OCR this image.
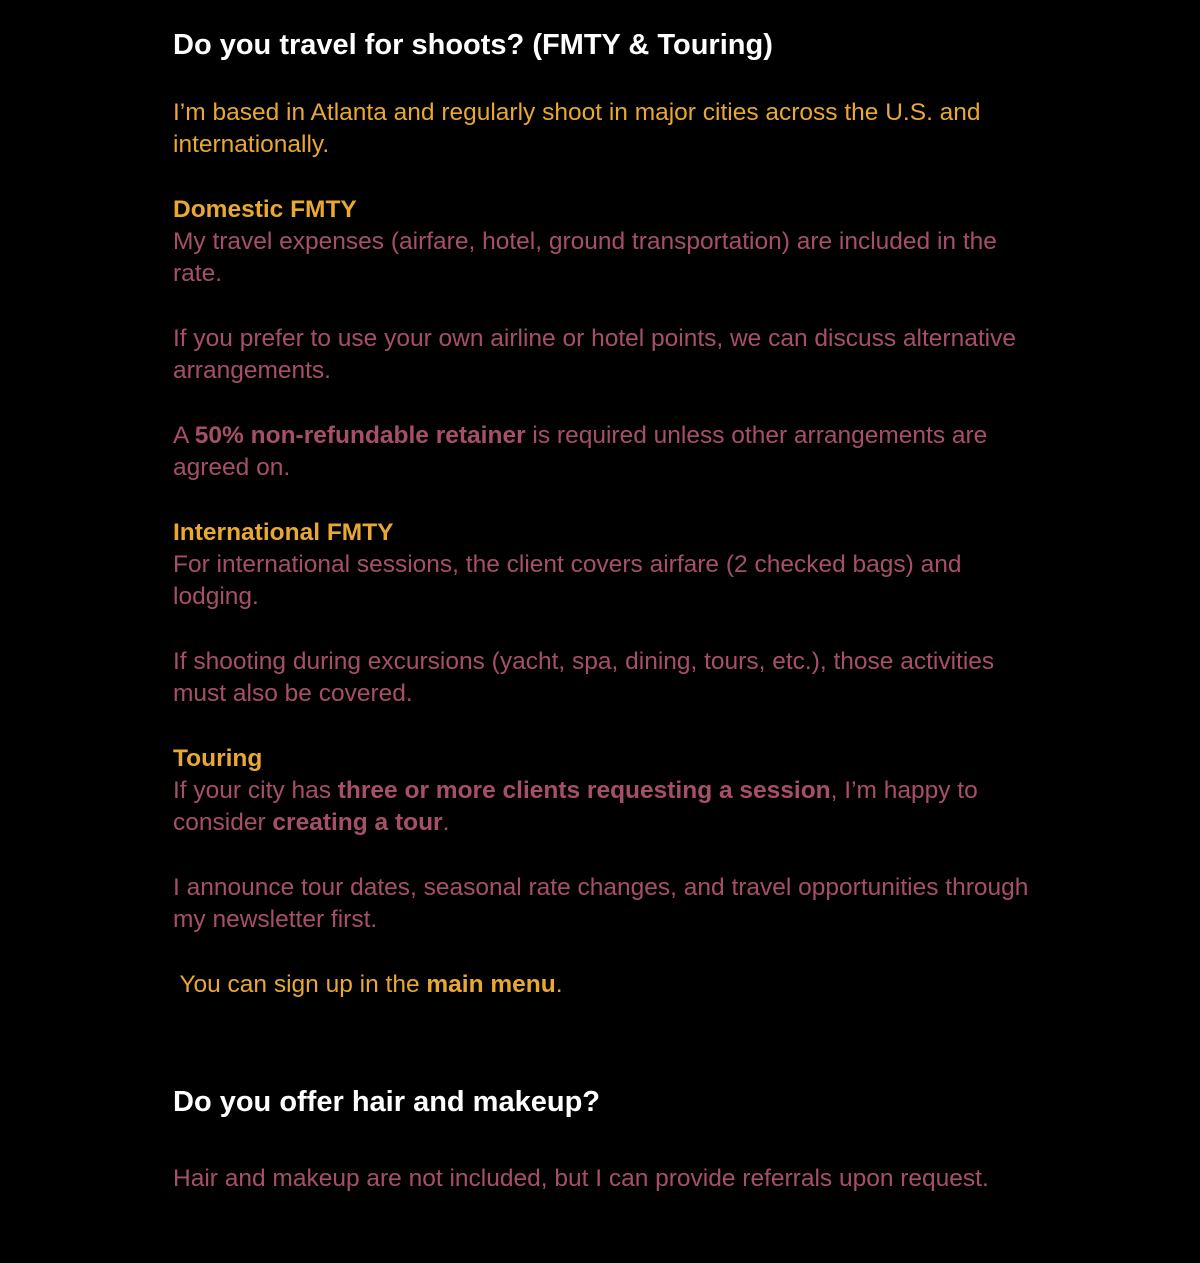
Do you travel for shoots? (FMTY & Touring)

I’m based in Atlanta and regularly shoot in major cities across the U.S. and internationally.

Domestic FMTY

My travel expenses (airfare, hotel, ground transportation) are included in the rate.

If you prefer to use your own airline or hotel points, we can discuss alternative arrangements.

A 50% non-refundable retainer is required unless other arrangements are agreed on.

International FMTY

For international sessions, the client covers airfare (2 checked bags) and lodging.

If shooting during excursions (yacht, spa, dining, tours, etc.), those activities must also be covered.

Touring

If your city has three or more clients requesting a session, I’m happy to consider creating a tour.

I announce tour dates, seasonal rate changes, and travel opportunities through my newsletter first.

You can sign up in the main menu.

Do you offer hair and makeup?

Hair and makeup are not included, but I can provide referrals upon request.
